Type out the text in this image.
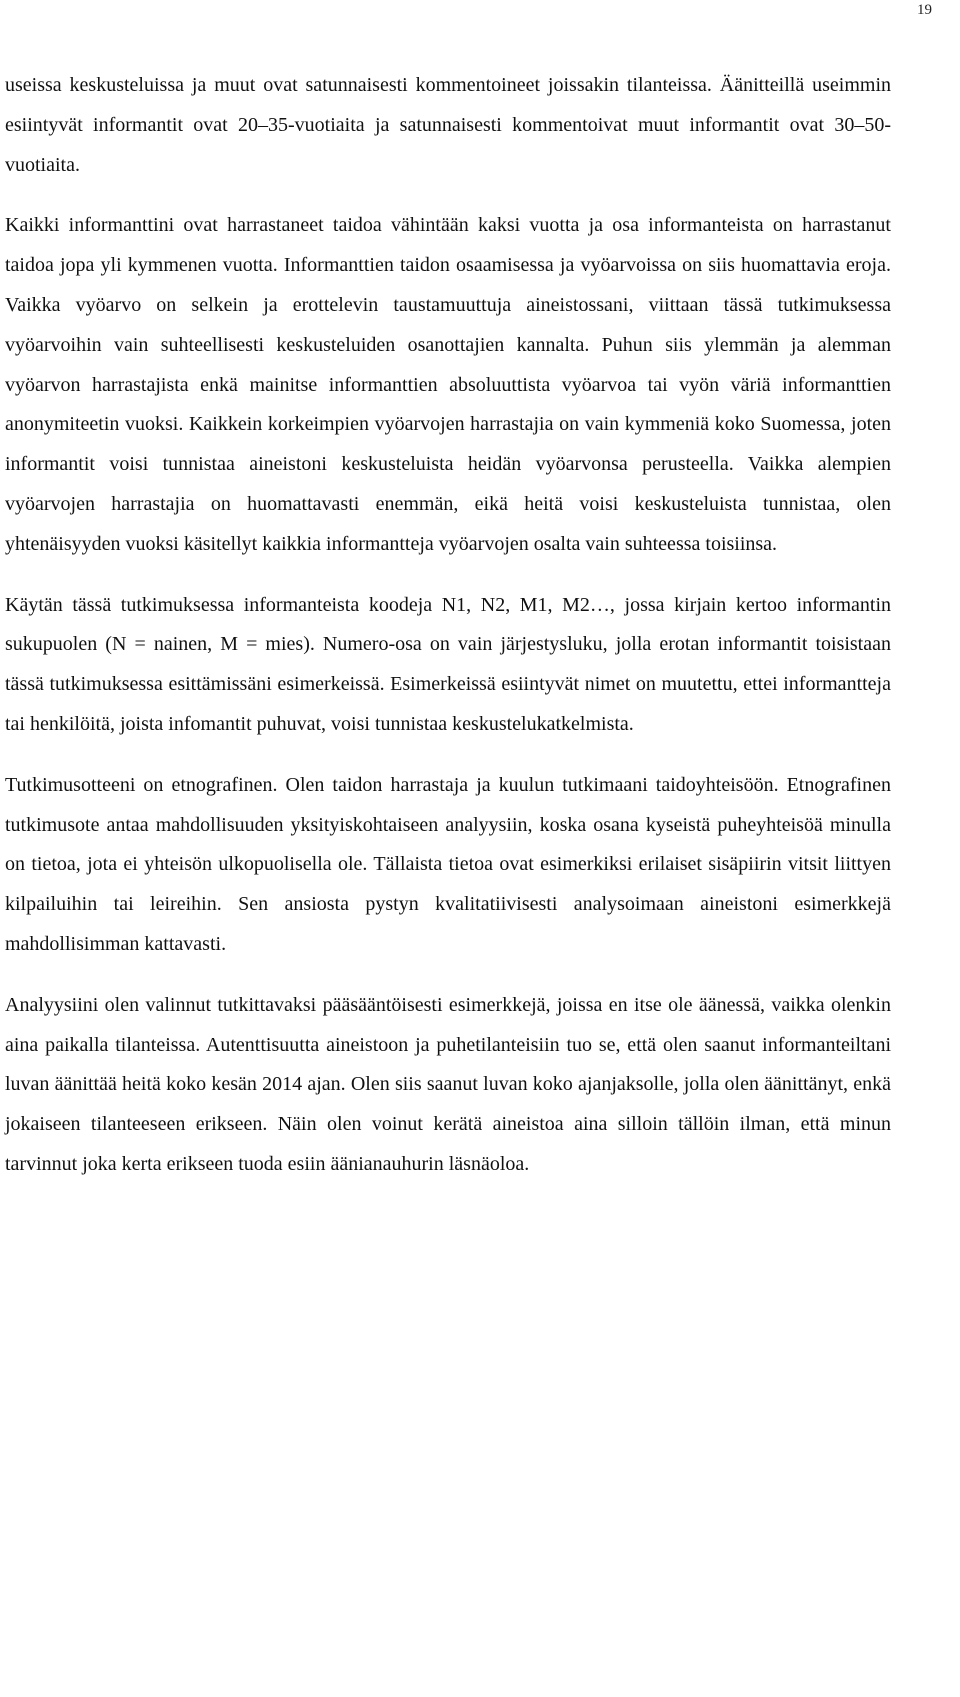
19

useissa keskusteluissa ja muut ovat satunnaisesti kommentoineet joissakin tilanteissa. Äänitteillä useimmin esiintyvät informantit ovat 20–35-vuotiaita ja satunnaisesti kommentoivat muut informantit ovat 30–50-vuotiaita.

Kaikki informanttini ovat harrastaneet taidoa vähintään kaksi vuotta ja osa informanteista on harrastanut taidoa jopa yli kymmenen vuotta. Informanttien taidon osaamisessa ja vyöarvoissa on siis huomattavia eroja. Vaikka vyöarvo on selkein ja erottelevin taustamuuttuja aineistossani, viittaan tässä tutkimuksessa vyöarvoihin vain suhteellisesti keskusteluiden osanottajien kannalta. Puhun siis ylemmän ja alemman vyöarvon harrastajista enkä mainitse informanttien absoluuttista vyöarvoa tai vyön väriä informanttien anonymiteetin vuoksi. Kaikkein korkeimpien vyöarvojen harrastajia on vain kymmeniä koko Suomessa, joten informantit voisi tunnistaa aineistoni keskusteluista heidän vyöarvonsa perusteella. Vaikka alempien vyöarvojen harrastajia on huomattavasti enemmän, eikä heitä voisi keskusteluista tunnistaa, olen yhtenäisyyden vuoksi käsitellyt kaikkia informantteja vyöarvojen osalta vain suhteessa toisiinsa.

Käytän tässä tutkimuksessa informanteista koodeja N1, N2, M1, M2…, jossa kirjain kertoo informantin sukupuolen (N = nainen, M = mies). Numero-osa on vain järjestysluku, jolla erotan informantit toisistaan tässä tutkimuksessa esittämissäni esimerkeissä. Esimerkeissä esiintyvät nimet on muutettu, ettei informantteja tai henkilöitä, joista infomantit puhuvat, voisi tunnistaa keskustelukatkelmista.

Tutkimusotteeni on etnografinen. Olen taidon harrastaja ja kuulun tutkimaani taidoyhteisöön. Etnografinen tutkimusote antaa mahdollisuuden yksityiskohtaiseen analyysiin, koska osana kyseistä puheyhteisöä minulla on tietoa, jota ei yhteisön ulkopuolisella ole. Tällaista tietoa ovat esimerkiksi erilaiset sisäpiirin vitsit liittyen kilpailuihin tai leireihin. Sen ansiosta pystyn kvalitatiivisesti analysoimaan aineistoni esimerkkejä mahdollisimman kattavasti.

Analyysiini olen valinnut tutkittavaksi pääsääntöisesti esimerkkejä, joissa en itse ole äänessä, vaikka olenkin aina paikalla tilanteissa. Autenttisuutta aineistoon ja puhetilanteisiin tuo se, että olen saanut informanteiltani luvan äänittää heitä koko kesän 2014 ajan. Olen siis saanut luvan koko ajanjaksolle, jolla olen äänittänyt, enkä jokaiseen tilanteeseen erikseen. Näin olen voinut kerätä aineistoa aina silloin tällöin ilman, että minun tarvinnut joka kerta erikseen tuoda esiin äänianauhurin läsnäoloa.
